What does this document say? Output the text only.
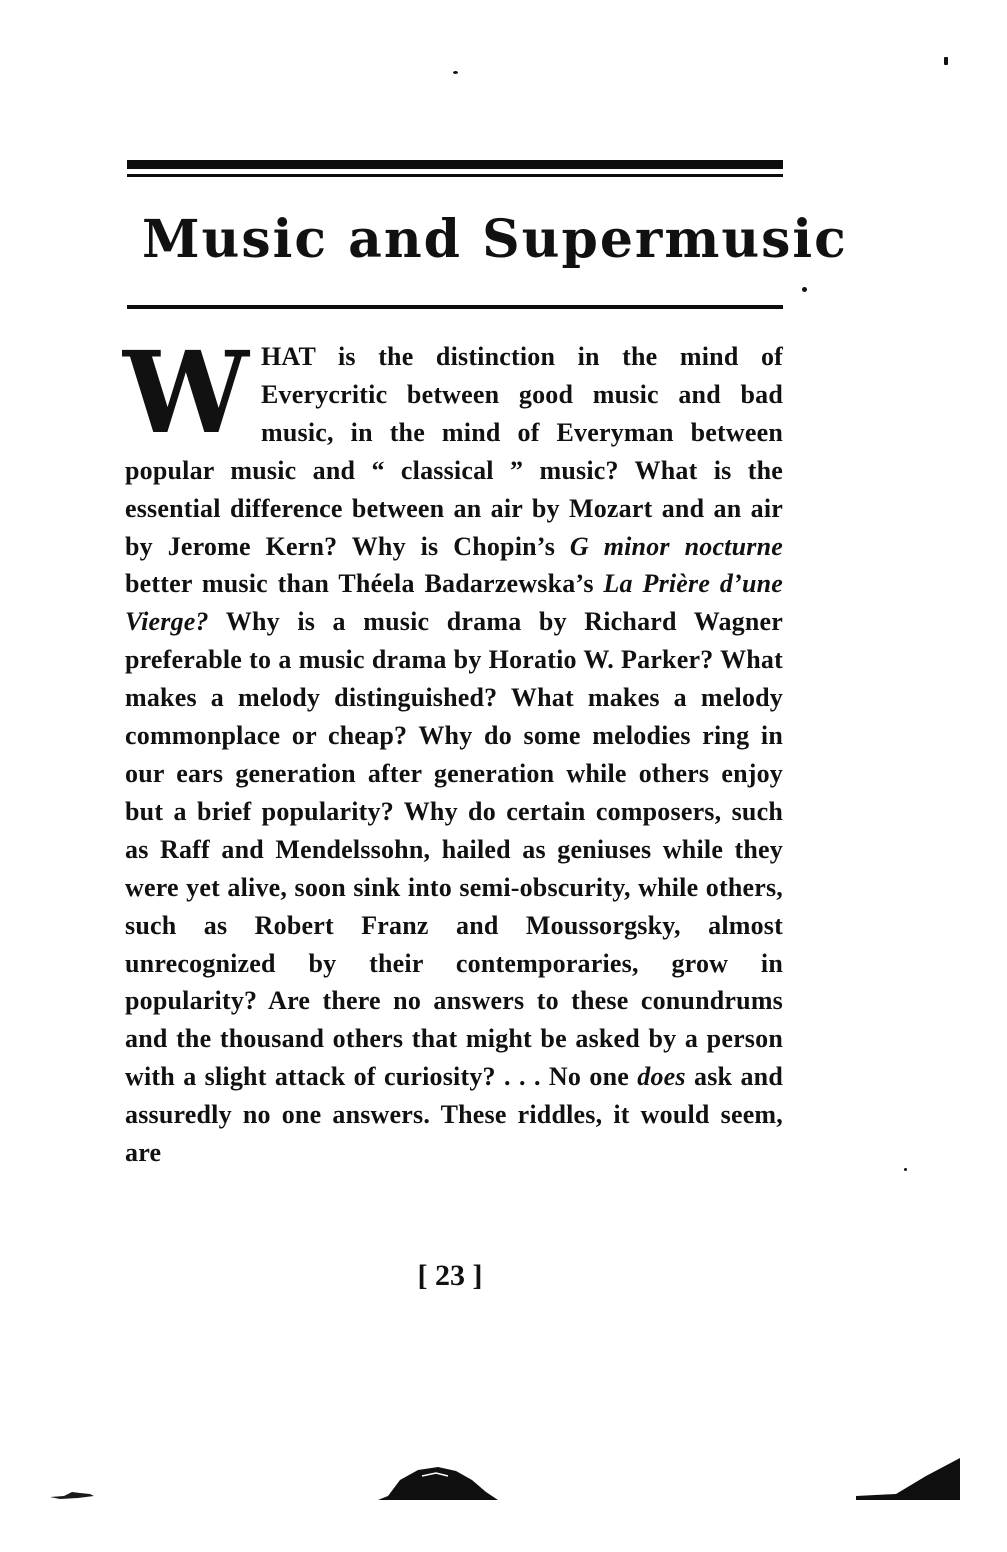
Music and Supermusic

WHAT is the distinction in the mind of Everycritic between good music and bad music, in the mind of Everyman between popular music and “ classical ” music? What is the essential difference between an air by Mozart and an air by Jerome Kern? Why is Chopin’s G minor nocturne better music than Théela Badarzewska’s La Prière d’une Vierge? Why is a music drama by Richard Wagner preferable to a music drama by Horatio W. Parker? What makes a melody distinguished? What makes a melody commonplace or cheap? Why do some melodies ring in our ears generation after generation while others enjoy but a brief popularity? Why do certain composers, such as Raff and Mendelssohn, hailed as geniuses while they were yet alive, soon sink into semi-obscurity, while others, such as Robert Franz and Moussorgsky, almost unrecognized by their contemporaries, grow in popularity? Are there no answers to these conundrums and the thousand others that might be asked by a person with a slight attack of curiosity? . . . No one does ask and assuredly no one answers. These riddles, it would seem, are

[ 23 ]
